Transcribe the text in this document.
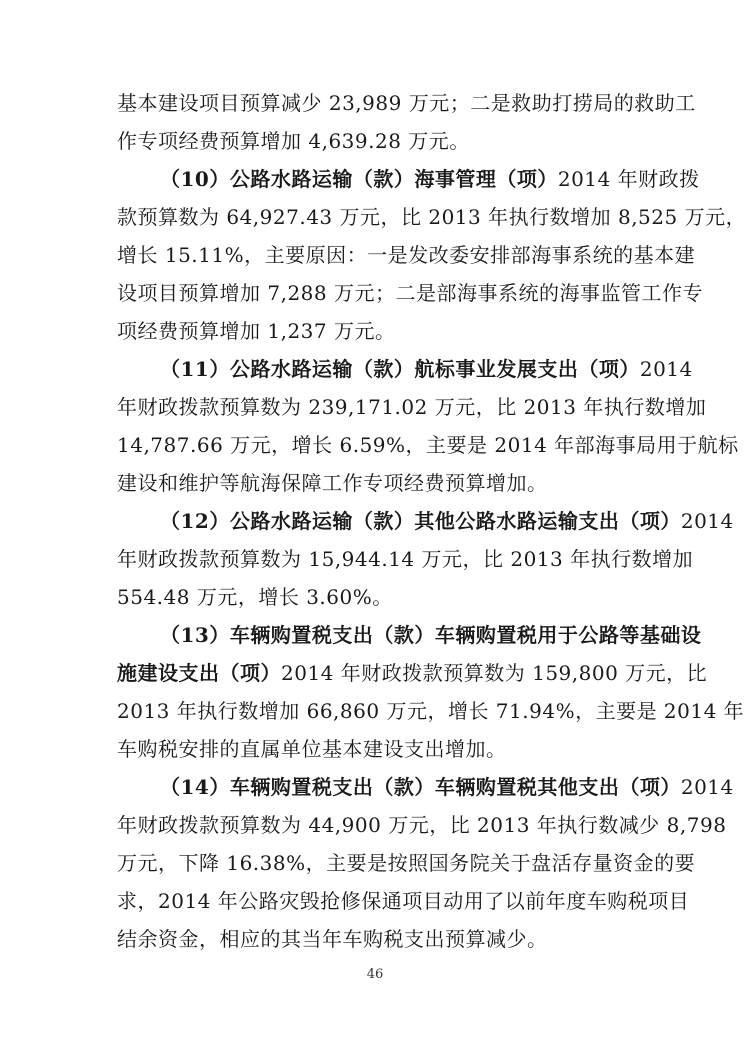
基本建设项目预算减少 23,989 万元；二是救助打捞局的救助工
作专项经费预算增加 4,639.28 万元。
（10）公路水路运输（款）海事管理（项）2014 年财政拨
款预算数为 64,927.43 万元，比 2013 年执行数增加 8,525 万元，
增长 15.11%，主要原因：一是发改委安排部海事系统的基本建
设项目预算增加 7,288 万元；二是部海事系统的海事监管工作专
项经费预算增加 1,237 万元。
（11）公路水路运输（款）航标事业发展支出（项）2014
年财政拨款预算数为 239,171.02 万元，比 2013 年执行数增加
14,787.66 万元，增长 6.59%，主要是 2014 年部海事局用于航标
建设和维护等航海保障工作专项经费预算增加。
（12）公路水路运输（款）其他公路水路运输支出（项）2014
年财政拨款预算数为 15,944.14 万元，比 2013 年执行数增加
554.48 万元，增长 3.60%。
（13）车辆购置税支出（款）车辆购置税用于公路等基础设
施建设支出（项）2014 年财政拨款预算数为 159,800 万元，比
2013 年执行数增加 66,860 万元，增长 71.94%，主要是 2014 年
车购税安排的直属单位基本建设支出增加。
（14）车辆购置税支出（款）车辆购置税其他支出（项）2014
年财政拨款预算数为 44,900 万元，比 2013 年执行数减少 8,798
万元，下降 16.38%，主要是按照国务院关于盘活存量资金的要
求，2014 年公路灾毁抢修保通项目动用了以前年度车购税项目
结余资金，相应的其当年车购税支出预算减少。
46
